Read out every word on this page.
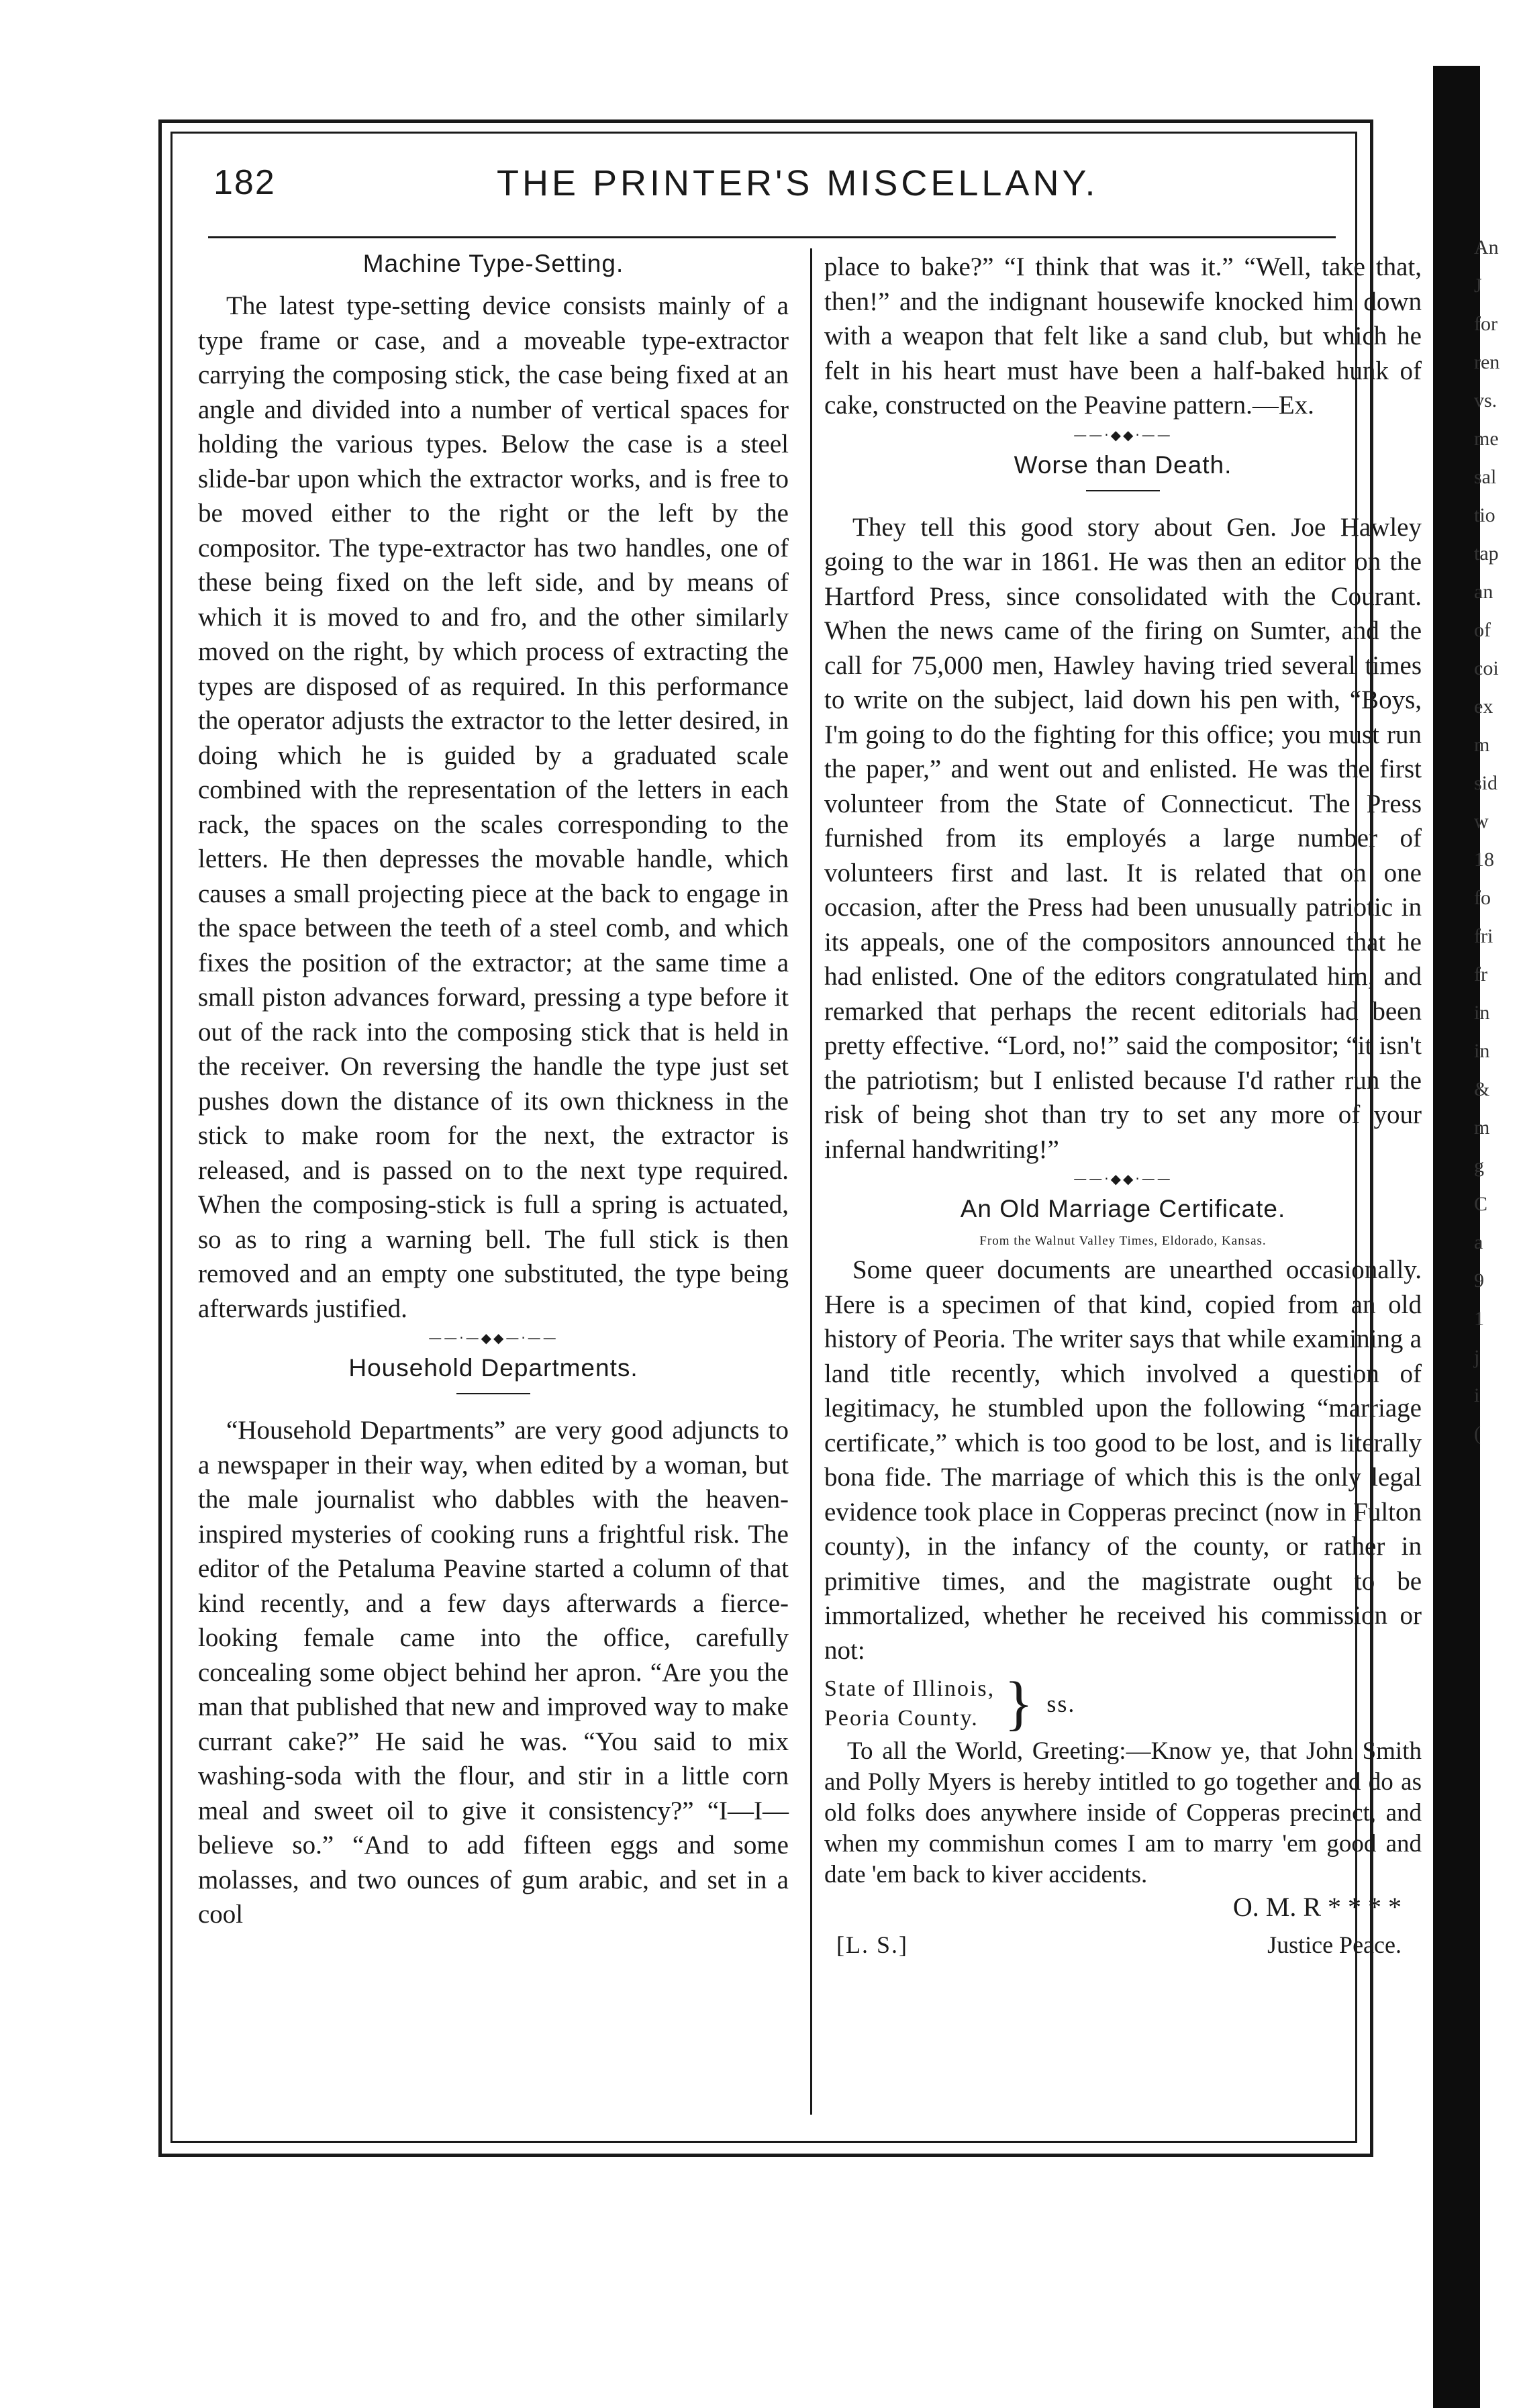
182	THE PRINTER'S MISCELLANY.
Machine Type-Setting.

The latest type-setting device consists mainly of a type frame or case, and a moveable type-extractor carrying the composing stick, the case being fixed at an angle and divided into a number of vertical spaces for holding the various types. Below the case is a steel slide-bar upon which the extractor works, and is free to be moved either to the right or the left by the compositor. The type-extractor has two handles, one of these being fixed on the left side, and by means of which it is moved to and fro, and the other similarly moved on the right, by which process of extracting the types are disposed of as required. In this performance the operator adjusts the extractor to the letter desired, in doing which he is guided by a graduated scale combined with the representation of the letters in each rack, the spaces on the scales corresponding to the letters. He then depresses the movable handle, which causes a small projecting piece at the back to engage in the space between the teeth of a steel comb, and which fixes the position of the extractor; at the same time a small piston advances forward, pressing a type before it out of the rack into the composing stick that is held in the receiver. On reversing the handle the type just set pushes down the distance of its own thickness in the stick to make room for the next, the extractor is released, and is passed on to the next type required. When the composing-stick is full a spring is actuated, so as to ring a warning bell. The full stick is then removed and an empty one substituted, the type being afterwards justified.

——·—◆◆—·——
Household Departments.

“Household Departments” are very good adjuncts to a newspaper in their way, when edited by a woman, but the male journalist who dabbles with the heaven-inspired mysteries of cooking runs a frightful risk. The editor of the Petaluma Peavine started a column of that kind recently, and a few days afterwards a fierce-looking female came into the office, carefully concealing some object behind her apron. “Are you the man that published that new and improved way to make currant cake?” He said he was. “You said to mix washing-soda with the flour, and stir in a little corn meal and sweet oil to give it consistency?” “I—I—believe so.” “And to add fifteen eggs and some molasses, and two ounces of gum arabic, and set in a cool

place to bake?” “I think that was it.” “Well, take that, then!” and the indignant housewife knocked him down with a weapon that felt like a sand club, but which he felt in his heart must have been a half-baked hunk of cake, constructed on the Peavine pattern.—Ex.

——·◆◆·——
Worse than Death.

They tell this good story about Gen. Joe Hawley going to the war in 1861. He was then an editor on the Hartford Press, since consolidated with the Courant. When the news came of the firing on Sumter, and the call for 75,000 men, Hawley having tried several times to write on the subject, laid down his pen with, “Boys, I'm going to do the fighting for this office; you must run the paper,” and went out and enlisted. He was the first volunteer from the State of Connecticut. The Press furnished from its employés a large number of volunteers first and last. It is related that on one occasion, after the Press had been unusually patriotic in its appeals, one of the compositors announced that he had enlisted. One of the editors congratulated him, and remarked that perhaps the recent editorials had been pretty effective. “Lord, no!” said the compositor; “it isn't the patriotism; but I enlisted because I'd rather run the risk of being shot than try to set any more of your infernal handwriting!”

——·◆◆·——
An Old Marriage Certificate.

From the Walnut Valley Times, Eldorado, Kansas.

Some queer documents are unearthed occasionally. Here is a specimen of that kind, copied from an old history of Peoria. The writer says that while examining a land title recently, which involved a question of legitimacy, he stumbled upon the following “marriage certificate,” which is too good to be lost, and is literally bona fide. The marriage of which this is the only legal evidence took place in Copperas precinct (now in Fulton county), in the infancy of the county, or rather in primitive times, and the magistrate ought to be immortalized, whether he received his commission or not:

State of Illinois,
Peoria County. } ss.

To all the World, Greeting:—Know ye, that John Smith and Polly Myers is hereby intitled to go together and do as old folks does anywhere inside of Copperas precinct, and when my commishun comes I am to marry 'em good and date 'em back to kiver accidents.

O. M. R * * * *
[L. S.]	Justice Peace.
An
J
for
ren
vs.
me
sal
tio
tap
an
of
coi
ex
m
sid
w
18
fo
fri
fr
in
in
&
m
g
C
a
9
1
j
i
(
